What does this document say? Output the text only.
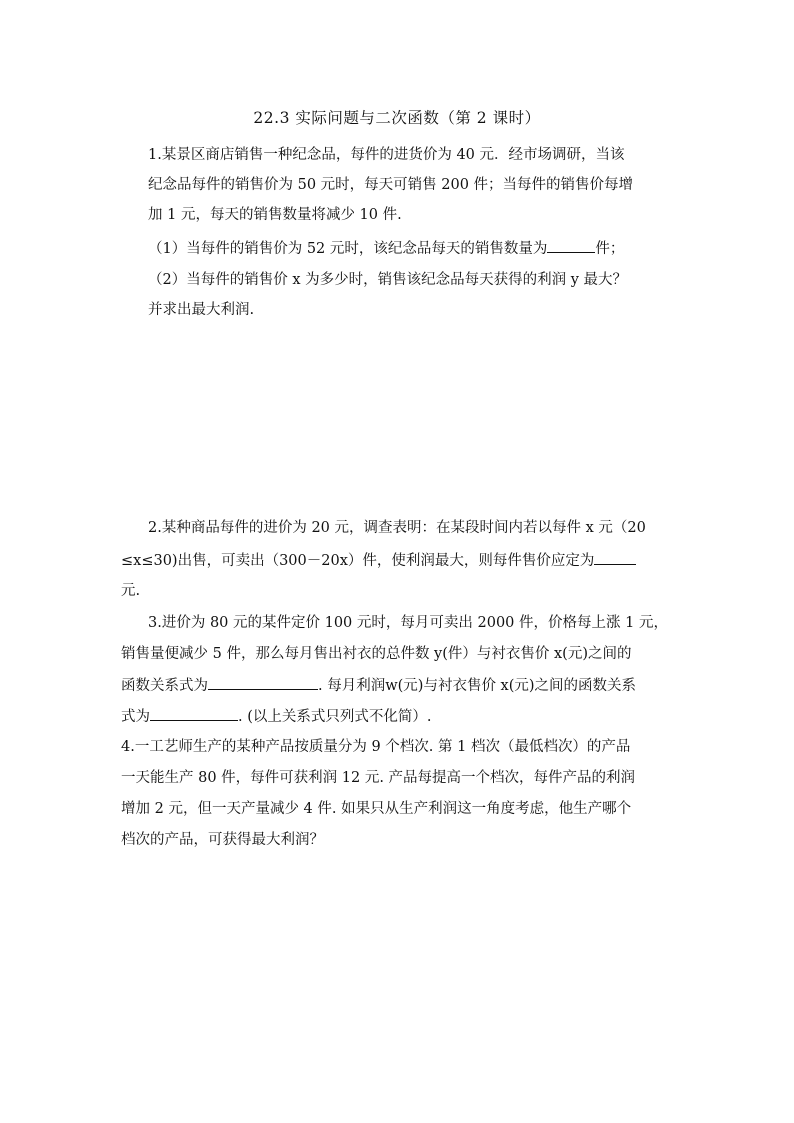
22.3 实际问题与二次函数（第 2 课时）
1.某景区商店销售一种纪念品，每件的进货价为 40 元．经市场调研，当该
纪念品每件的销售价为 50 元时，每天可销售 200 件；当每件的销售价每增
加 1 元，每天的销售数量将减少 10 件.
（1）当每件的销售价为 52 元时，该纪念品每天的销售数量为	件；
（2）当每件的销售价 x 为多少时，销售该纪念品每天获得的利润 y 最大？
并求出最大利润.
2.某种商品每件的进价为 20 元，调查表明：在某段时间内若以每件 x 元（20
≤x≤30)出售，可卖出（300－20x）件，使利润最大，则每件售价应定为
元.
3.进价为 80 元的某件定价 100 元时，每月可卖出 2000 件，价格每上涨 1 元，
销售量便减少 5 件，那么每月售出衬衣的总件数 y(件）与衬衣售价 x(元)之间的
函数关系式为	. 每月利润w(元)与衬衣售价 x(元)之间的函数关系
式为	. (以上关系式只列式不化简）.
4.一工艺师生产的某种产品按质量分为 9 个档次. 第 1 档次（最低档次）的产品
一天能生产 80 件，每件可获利润 12 元. 产品每提高一个档次，每件产品的利润
增加 2 元，但一天产量减少 4 件. 如果只从生产利润这一角度考虑，他生产哪个
档次的产品，可获得最大利润？
